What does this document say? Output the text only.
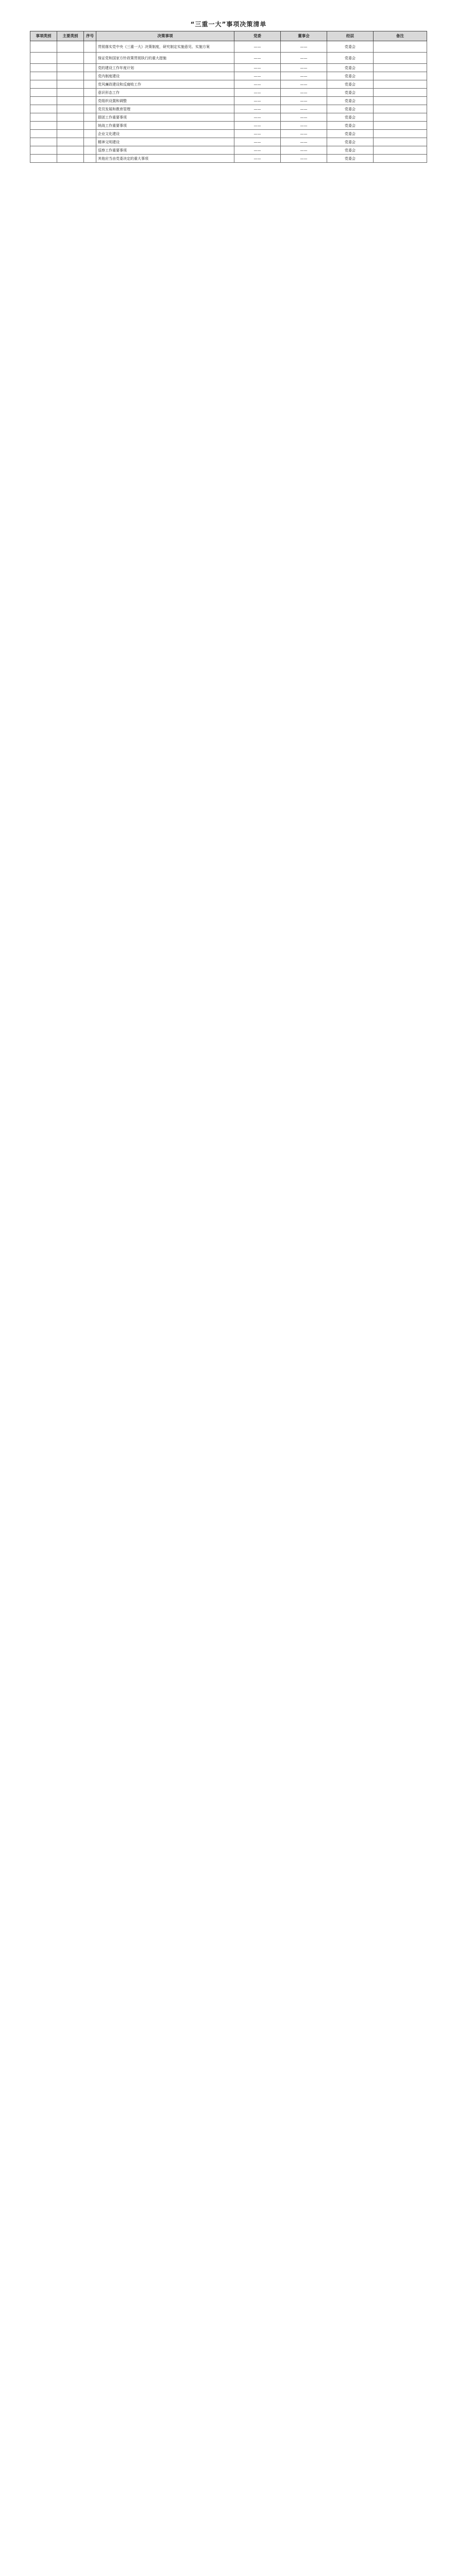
“三重一大”事项决策清单
事项类别	主要类别	序号	决策事项	党委	董事会	经层	备注
			贯彻落实党中央《三重一大》决策制度，研究制定实施意见、实施方案	——	——	党委会	
			保证党和国家方针政策贯彻执行的重大措施	——	——	党委会	
			党的建设工作年度计划	——	——	党委会	
			党内制度建设	——	——	党委会	
			党风廉政建设和反腐败工作	——	——	党委会	
			意识形态工作	——	——	党委会	
			党组织设置和调整	——	——	党委会	
			党员发展和教育管理	——	——	党委会	
			群团工作重要事项	——	——	党委会	
			统战工作重要事项	——	——	党委会	
			企业文化建设	——	——	党委会	
			精神文明建设	——	——	党委会	
			巡察工作重要事项	——	——	党委会	
			其他应当由党委决定的重大事项	——	——	党委会	
